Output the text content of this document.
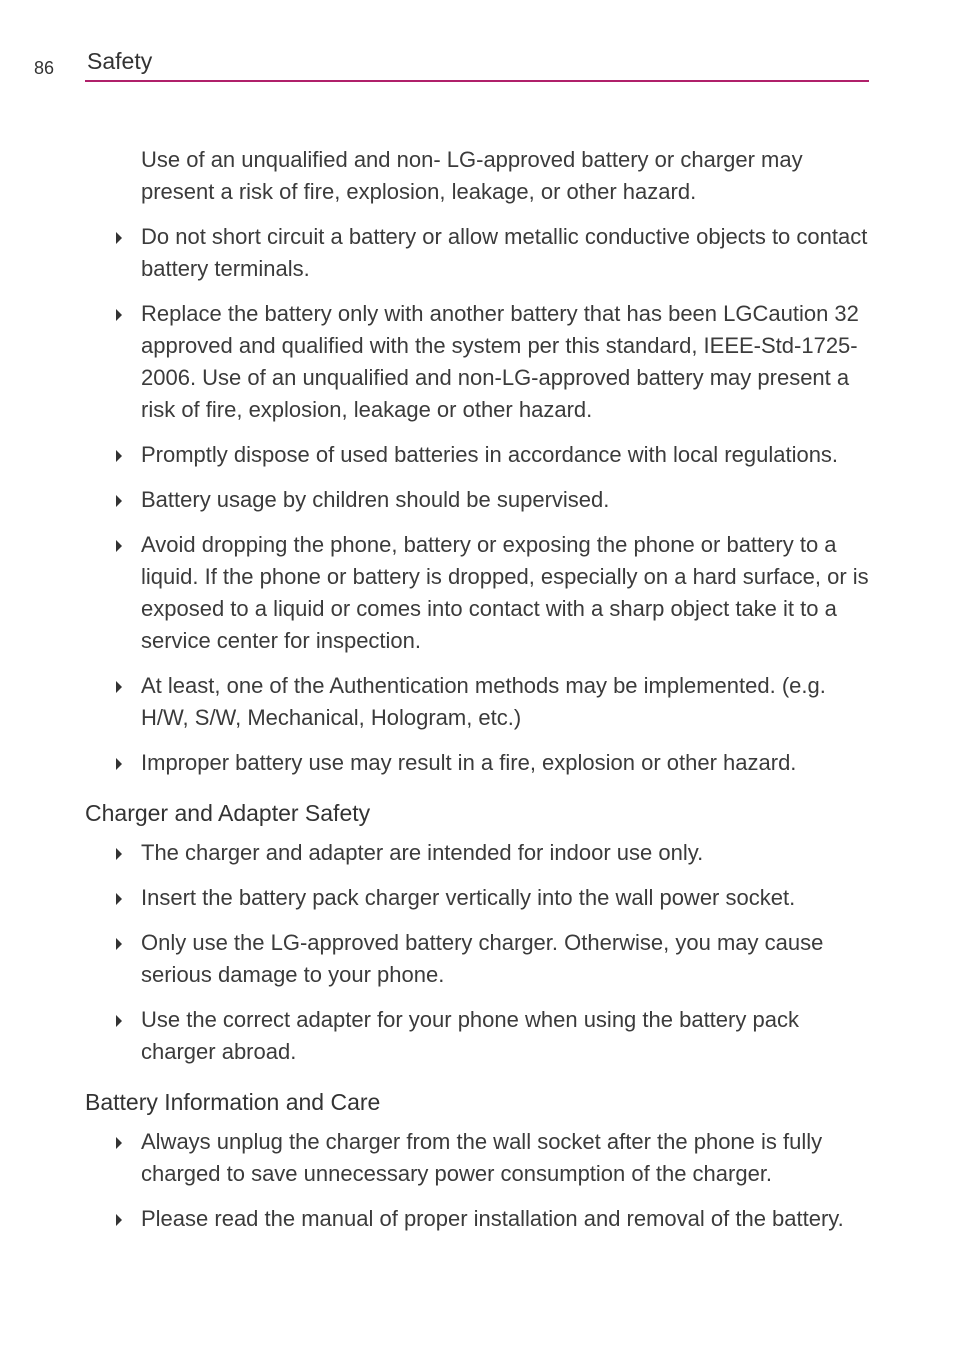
86 Safety

Use of an unqualified and non- LG-approved battery or charger may present a risk of fire, explosion, leakage, or other hazard.

Do not short circuit a battery or allow metallic conductive objects to contact battery terminals.
Replace the battery only with another battery that has been LGCaution 32 approved and qualified with the system per this standard, IEEE-Std-1725-2006. Use of an unqualified and non-LG-approved battery may present a risk of fire, explosion, leakage or other hazard.
Promptly dispose of used batteries in accordance with local regulations.
Battery usage by children should be supervised.
Avoid dropping the phone, battery or exposing the phone or battery to a liquid. If the phone or battery is dropped, especially on a hard surface, or is exposed to a liquid or comes into contact with a sharp object take it to a service center for inspection.
At least, one of the Authentication methods may be implemented. (e.g. H/W, S/W, Mechanical, Hologram, etc.)
Improper battery use may result in a fire, explosion or other hazard.
Charger and Adapter Safety
The charger and adapter are intended for indoor use only.
Insert the battery pack charger vertically into the wall power socket.
Only use the LG-approved battery charger. Otherwise, you may cause serious damage to your phone.
Use the correct adapter for your phone when using the battery pack charger abroad.
Battery Information and Care
Always unplug the charger from the wall socket after the phone is fully charged to save unnecessary power consumption of the charger.
Please read the manual of proper installation and removal of the battery.
